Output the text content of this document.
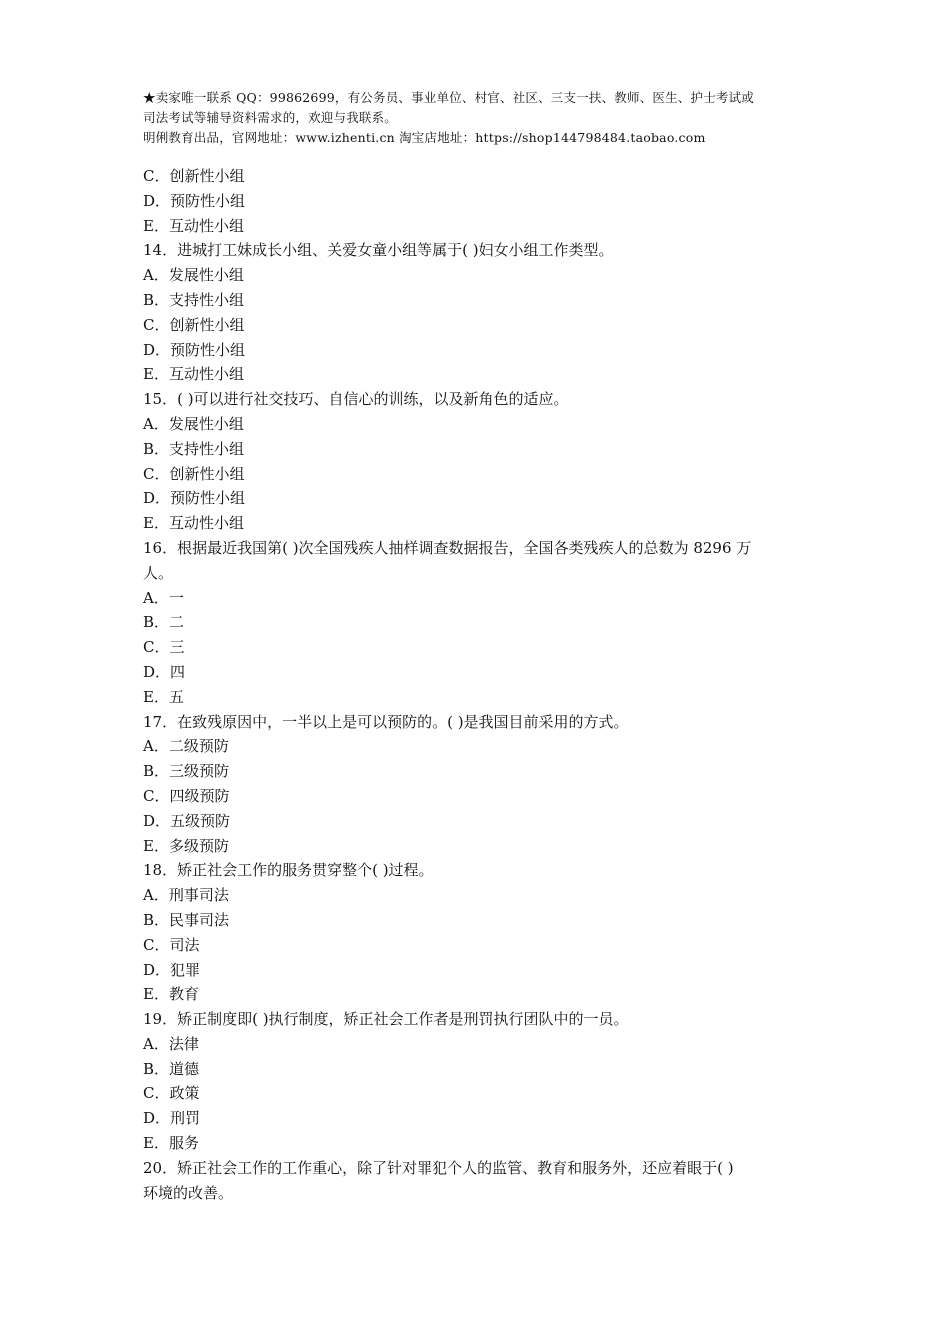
★卖家唯一联系 QQ：99862699，有公务员、事业单位、村官、社区、三支一扶、教师、医生、护士考试或
司法考试等辅导资料需求的，欢迎与我联系。
明俐教育出品，官网地址：www.izhenti.cn 淘宝店地址：https://shop144798484.taobao.com
C．创新性小组
D．预防性小组
E．互动性小组
14．进城打工妹成长小组、关爱女童小组等属于( )妇女小组工作类型。
A．发展性小组
B．支持性小组
C．创新性小组
D．预防性小组
E．互动性小组
15．( )可以进行社交技巧、自信心的训练，以及新角色的适应。
A．发展性小组
B．支持性小组
C．创新性小组
D．预防性小组
E．互动性小组
16．根据最近我国第( )次全国残疾人抽样调查数据报告，全国各类残疾人的总数为 8296 万
人。
A．一
B．二
C．三
D．四
E．五
17．在致残原因中，一半以上是可以预防的。( )是我国目前采用的方式。
A．二级预防
B．三级预防
C．四级预防
D．五级预防
E．多级预防
18．矫正社会工作的服务贯穿整个( )过程。
A．刑事司法
B．民事司法
C．司法
D．犯罪
E．教育
19．矫正制度即( )执行制度，矫正社会工作者是刑罚执行团队中的一员。
A．法律
B．道德
C．政策
D．刑罚
E．服务
20．矫正社会工作的工作重心，除了针对罪犯个人的监管、教育和服务外，还应着眼于( )
环境的改善。
